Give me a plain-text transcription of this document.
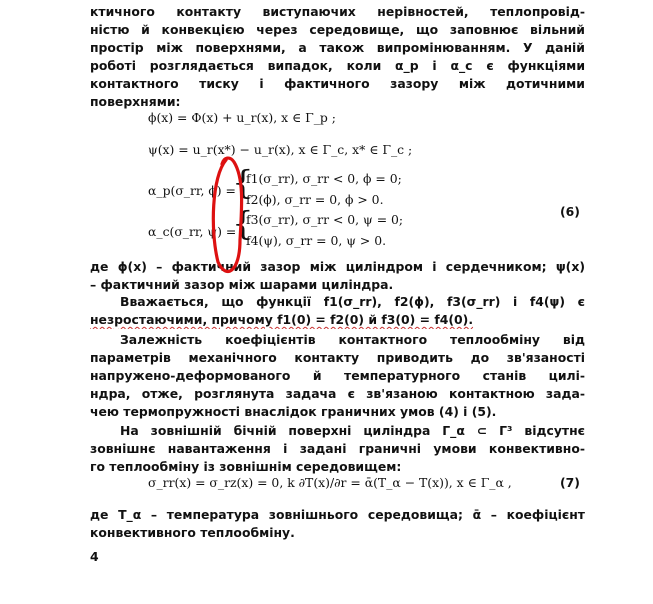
ктичного контакту виступаючих нерівностей, теплопровід-
ністю й конвекцією через середовище, що заповнює вільний
простір між поверхнями, а також випромінюванням. У даній
роботі розглядається випадок, коли α_p і α_c є функціями
контактного тиску і фактичного зазору між дотичними
поверхнями:
ϕ(x) = Φ(x) + u_r(x), x ∈ Γ_p ;
ψ(x) = u_r(x*) − u_r(x), x ∈ Γ_c, x* ∈ Γ_c ;
α_p(σ_rr, ϕ) =
{
f1(σ_rr), σ_rr < 0, ϕ = 0;
f2(ϕ), σ_rr = 0, ϕ > 0.
(6)
α_c(σ_rr, ψ) =
{
f3(σ_rr), σ_rr < 0, ψ = 0;
f4(ψ), σ_rr = 0, ψ > 0.
де ϕ(x) – фактичний зазор між циліндром і сердечником; ψ(x)
– фактичний зазор між шарами циліндра.
Вважається, що функції f1(σ_rr), f2(ϕ), f3(σ_rr) і f4(ψ) є
незростаючими, причому f1(0) = f2(0) й f3(0) = f4(0).
Залежність коефіцієнтів контактного теплообміну від
параметрів механічного контакту приводить до зв'язаності
напружено-деформованого й температурного станів цилі-
ндра, отже, розглянута задача є зв'язаною контактною зада-
чею термопружності внаслідок граничних умов (4) і (5).
На зовнішній бічній поверхні циліндра Γ_α ⊂ Γ³ відсутнє
зовнішнє навантаження і задані граничні умови конвективно-
го теплообміну із зовнішнім середовищем:
σ_rr(x) = σ_rz(x) = 0, k ∂T(x)/∂r = ᾱ(T_α − T(x)), x ∈ Γ_α ,	(7)
де T_α – температура зовнішнього середовища; ᾱ – коефіцієнт
конвективного теплообміну.
4
